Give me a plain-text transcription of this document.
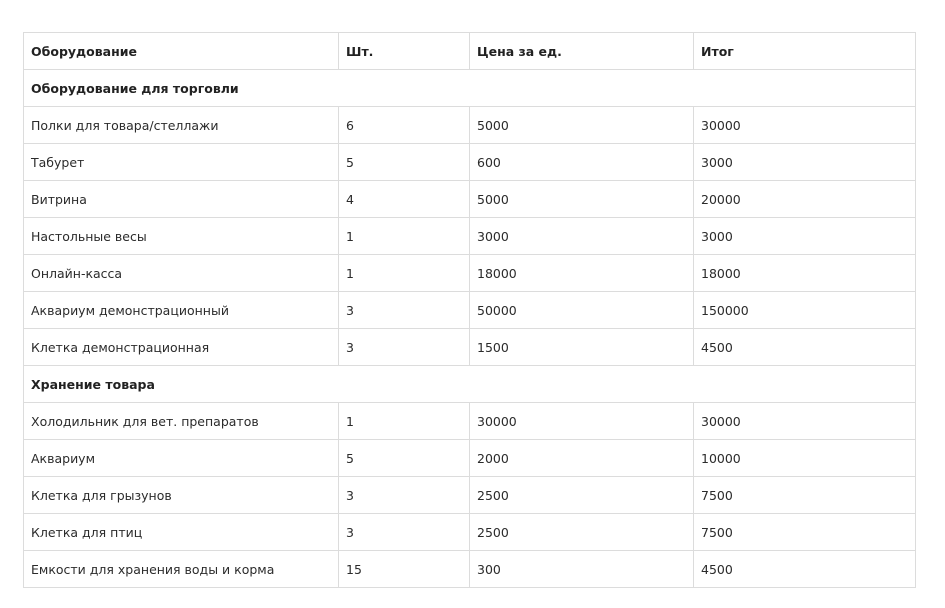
Оборудование	Шт.	Цена за ед.	Итог
Оборудование для торговли			
Полки для товара/стеллажи	6	5000	30000
Табурет	5	600	3000
Витрина	4	5000	20000
Настольные весы	1	3000	3000
Онлайн-касса	1	18000	18000
Аквариум демонстрационный	3	50000	150000
Клетка демонстрационная	3	1500	4500
Хранение товара			
Холодильник для вет. препаратов	1	30000	30000
Аквариум	5	2000	10000
Клетка для грызунов	3	2500	7500
Клетка для птиц	3	2500	7500
Емкости для хранения воды и корма	15	300	4500
